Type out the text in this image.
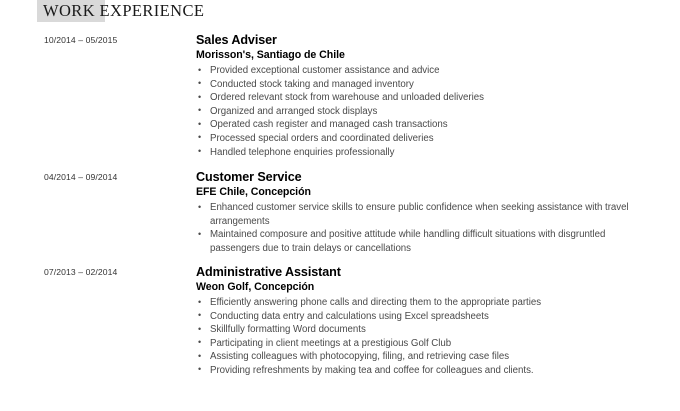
WORK EXPERIENCE
10/2014 – 05/2015	Sales Adviser
Morisson's, Santiago de Chile
• Provided exceptional customer assistance and advice
• Conducted stock taking and managed inventory
• Ordered relevant stock from warehouse and unloaded deliveries
• Organized and arranged stock displays
• Operated cash register and managed cash transactions
• Processed special orders and coordinated deliveries
• Handled telephone enquiries professionally
04/2014 – 09/2014	Customer Service
EFE Chile, Concepción
• Enhanced customer service skills to ensure public confidence when seeking assistance with travel arrangements
• Maintained composure and positive attitude while handling difficult situations with disgruntled passengers due to train delays or cancellations
07/2013 – 02/2014	Administrative Assistant
Weon Golf, Concepción
• Efficiently answering phone calls and directing them to the appropriate parties
• Conducting data entry and calculations using Excel spreadsheets
• Skillfully formatting Word documents
• Participating in client meetings at a prestigious Golf Club
• Assisting colleagues with photocopying, filing, and retrieving case files
• Providing refreshments by making tea and coffee for colleagues and clients.
